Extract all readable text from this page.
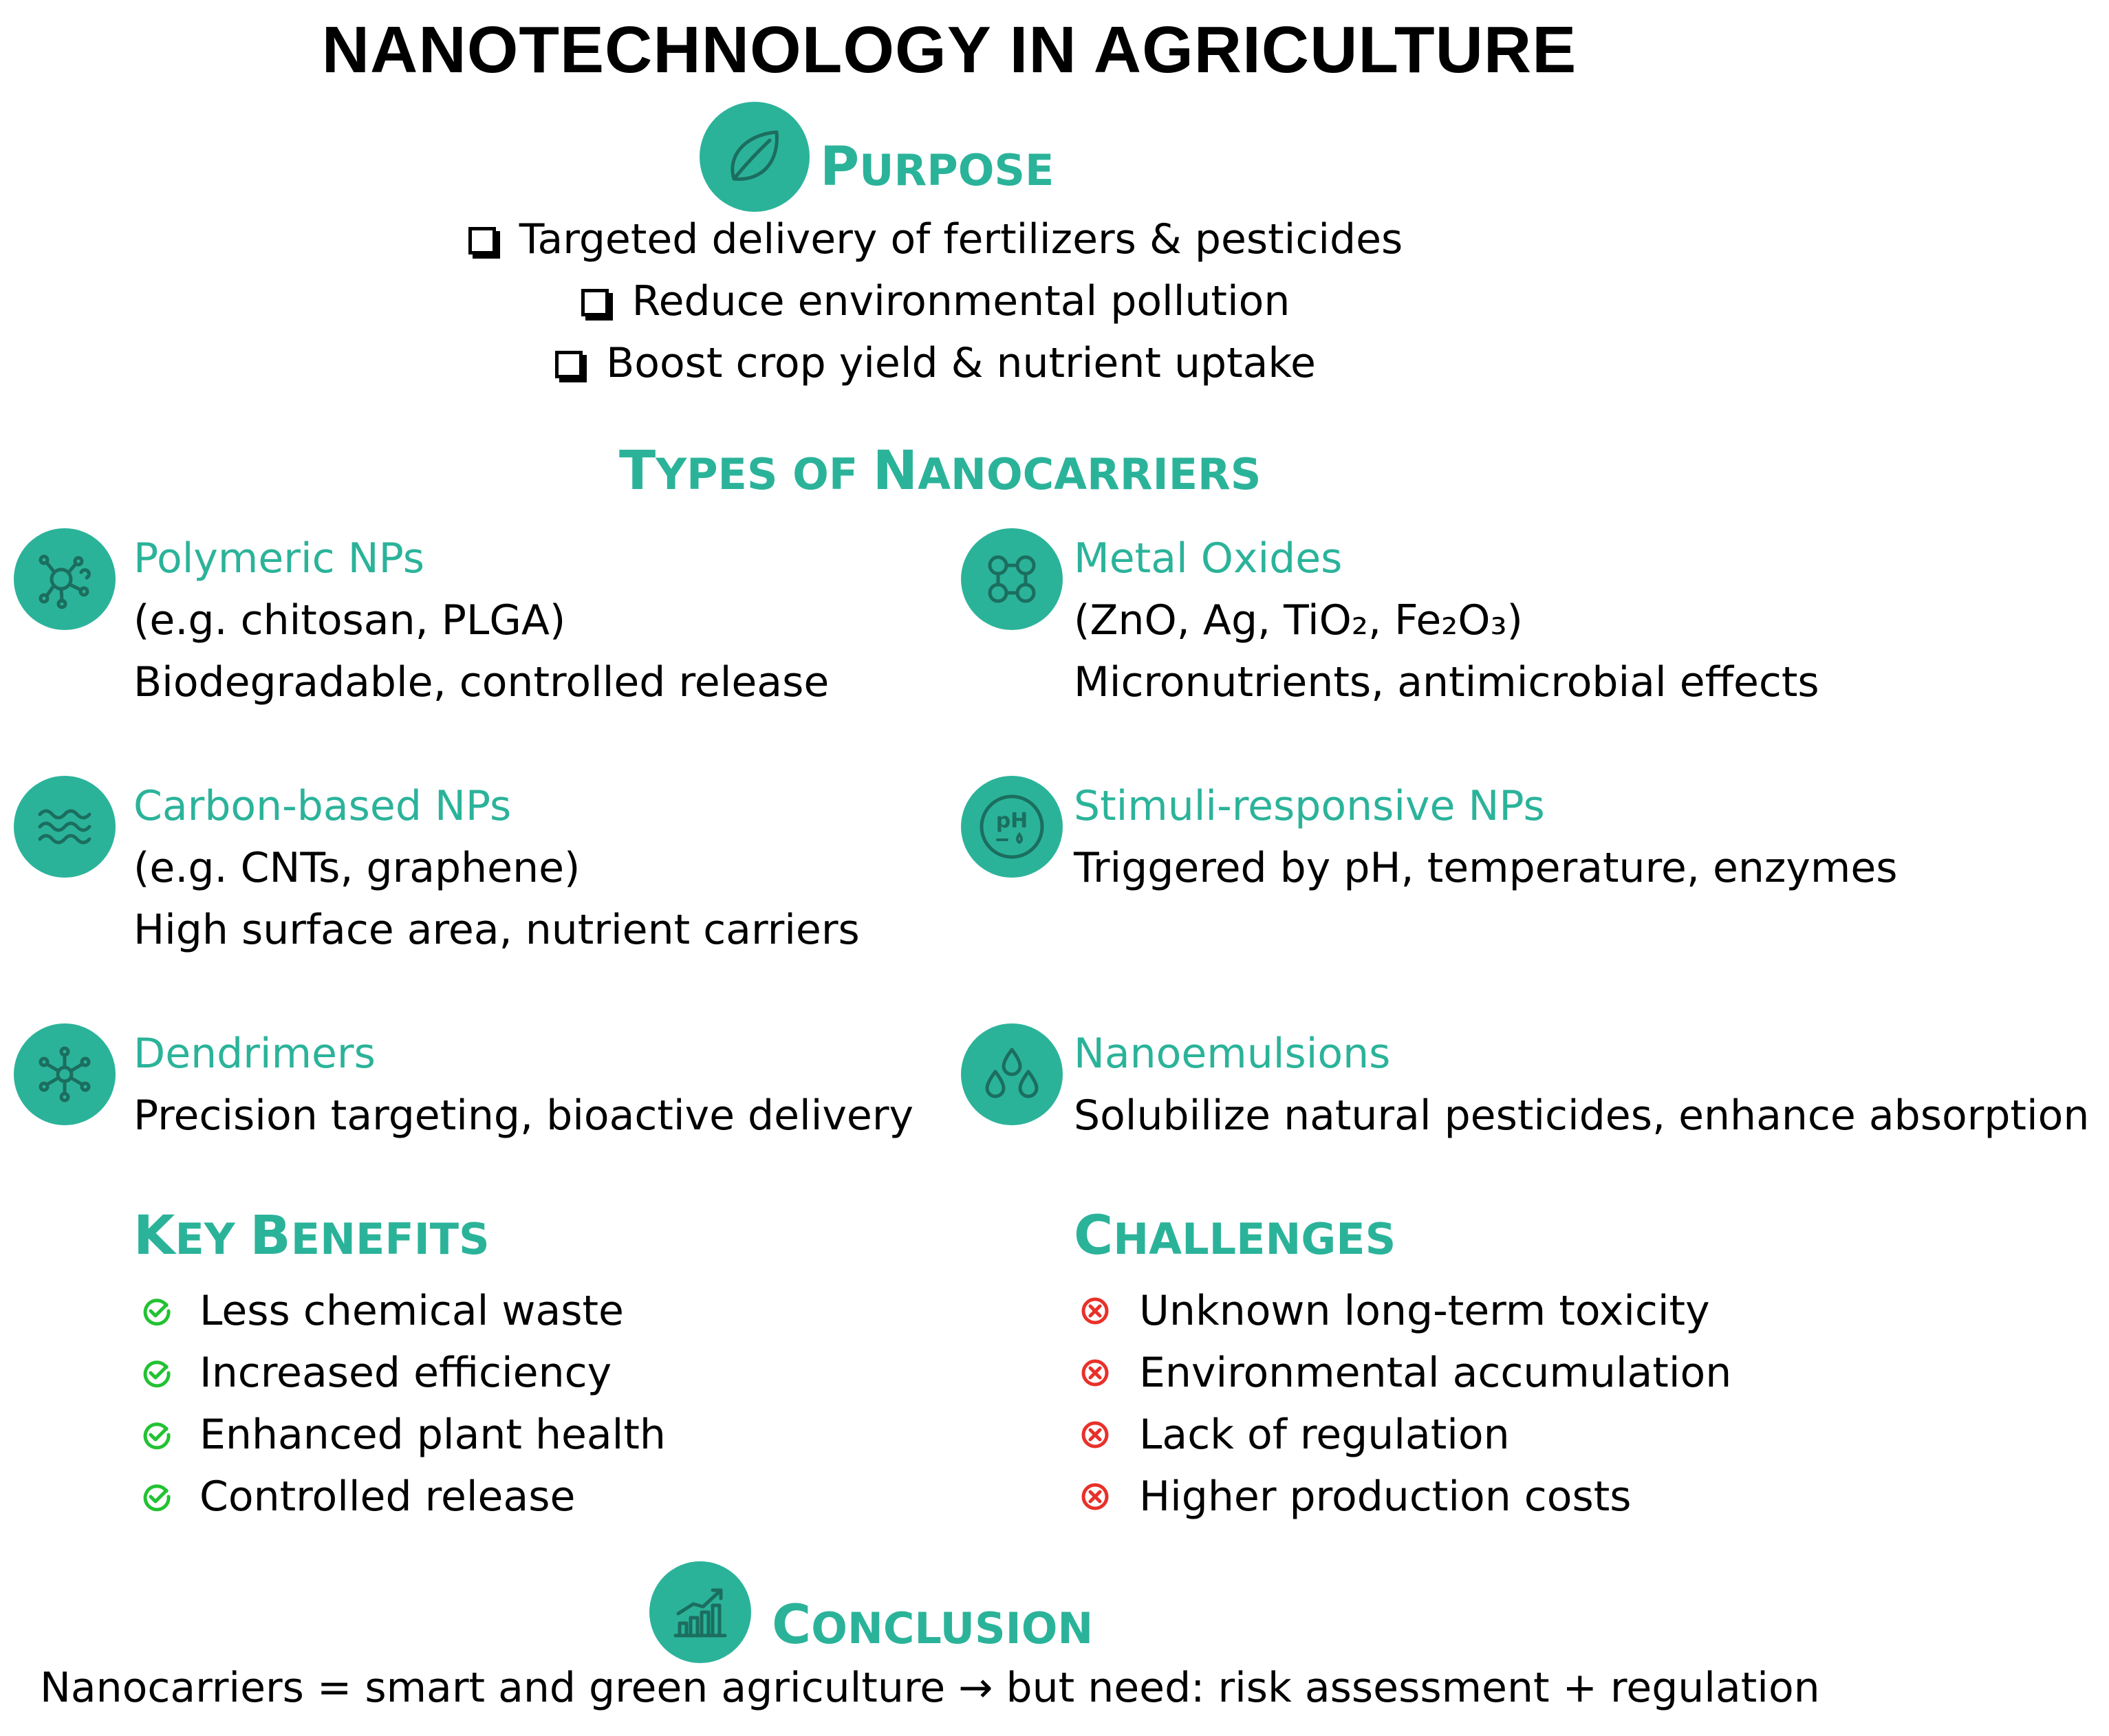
NANOTECHNOLOGY IN AGRICULTURE
PURPOSE
Targeted delivery of fertilizers & pesticides
Reduce environmental pollution
Boost crop yield & nutrient uptake
TYPES OF NANOCARRIERS
Polymeric NPs
(e.g. chitosan, PLGA)
Biodegradable, controlled release
Metal Oxides
(ZnO, Ag, TiO₂, Fe₂O₃)
Micronutrients, antimicrobial effects
Carbon-based NPs
(e.g. CNTs, graphene)
High surface area, nutrient carriers
pH Stimuli-responsive NPs
Triggered by pH, temperature, enzymes
Dendrimers
Precision targeting, bioactive delivery
Nanoemulsions
Solubilize natural pesticides, enhance absorption
KEY BENEFITS
Less chemical waste
Increased efficiency
Enhanced plant health
Controlled release
CHALLENGES
Unknown long-term toxicity
Environmental accumulation
Lack of regulation
Higher production costs
CONCLUSION
Nanocarriers = smart and green agriculture → but need: risk assessment + regulation
